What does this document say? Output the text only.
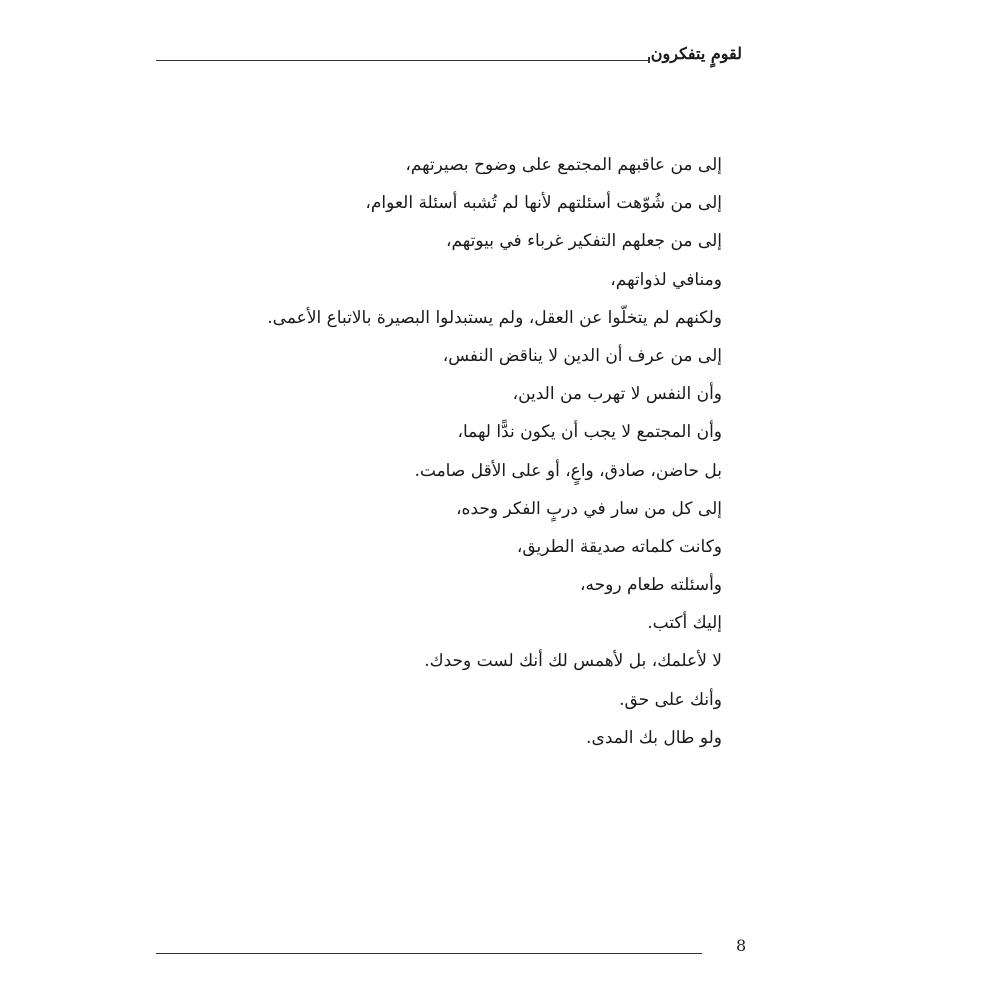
لقومٍ يتفكرون
إلى من عاقبهم المجتمع على وضوح بصيرتهم،
إلى من شُوّهت أسئلتهم لأنها لم تُشبه أسئلة العوام،
إلى من جعلهم التفكير غرباء في بيوتهم،
ومنافي لذواتهم،
ولكنهم لم يتخلّوا عن العقل، ولم يستبدلوا البصيرة بالاتباع الأعمى.
إلى من عرف أن الدين لا يناقض النفس،
وأن النفس لا تهرب من الدين،
وأن المجتمع لا يجب أن يكون ندًّا لهما،
بل حاضن، صادق، واعٍ، أو على الأقل صامت.
إلى كل من سار في دربٍ الفكر وحده،
وكانت كلماته صديقة الطريق،
وأسئلته طعام روحه،
إليك أكتب.
لا لأعلمك، بل لأهمس لك أنك لست وحدك.
وأنك على حق.
ولو طال بك المدى.
8
